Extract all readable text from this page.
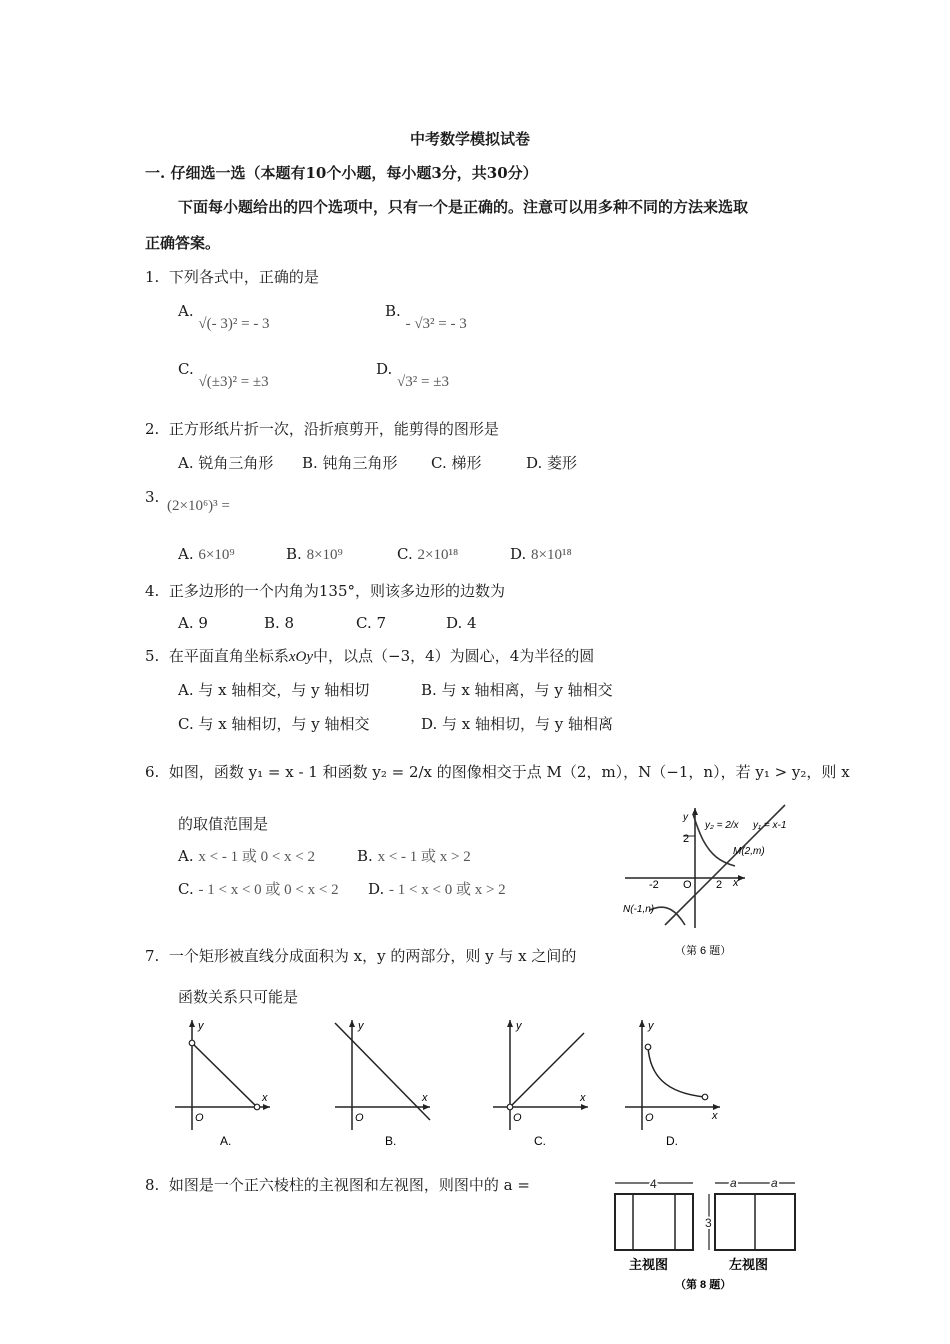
中考数学模拟试卷
一. 仔细选一选（本题有10个小题，每小题3分，共30分）
下面每小题给出的四个选项中，只有一个是正确的。注意可以用多种不同的方法来选取
正确答案。
1. 下列各式中，正确的是
A. √(- 3)² = - 3
B. - √3² = - 3
C. √(±3)² = ±3
D. √3² = ±3
2. 正方形纸片折一次，沿折痕剪开，能剪得的图形是
A. 锐角三角形 B. 钝角三角形 C. 梯形	D. 菱形
3. (2×10⁶)³ =
A. 6×10⁹	B. 8×10⁹	C. 2×10¹⁸	D. 8×10¹⁸
4. 正多边形的一个内角为135°，则该多边形的边数为
A. 9	B. 8	C. 7	D. 4
5. 在平面直角坐标系xOy中，以点（−3，4）为圆心，4为半径的圆
A. 与 x 轴相交，与 y 轴相切	B. 与 x 轴相离，与 y 轴相交
C. 与 x 轴相切，与 y 轴相交	D. 与 x 轴相切，与 y 轴相离
6. 如图，函数 y₁ = x - 1 和函数 y₂ = 2/x 的图像相交于点 M（2，m），N（−1，n），若 y₁ > y₂，则 x
的取值范围是
A. x < - 1 或 0 < x < 2	B. x < - 1 或 x > 2
C. - 1 < x < 0 或 0 < x < 2 D. - 1 < x < 0 或 x > 2
y
2
x
O 2
-2
y₂ = 2/x y₁ = x-1
M(2,m)
N(-1,n)
（第 6 题）
7. 一个矩形被直线分成面积为 x，y 的两部分，则 y 与 x 之间的
函数关系只可能是
y
x
O
A.
y
x
O
B.
y
x
O
C.
y
x
O
D.
8. 如图是一个正六棱柱的主视图和左视图，则图中的 a =	4
主视图
a	a
3
左视图
（第 8 题）
